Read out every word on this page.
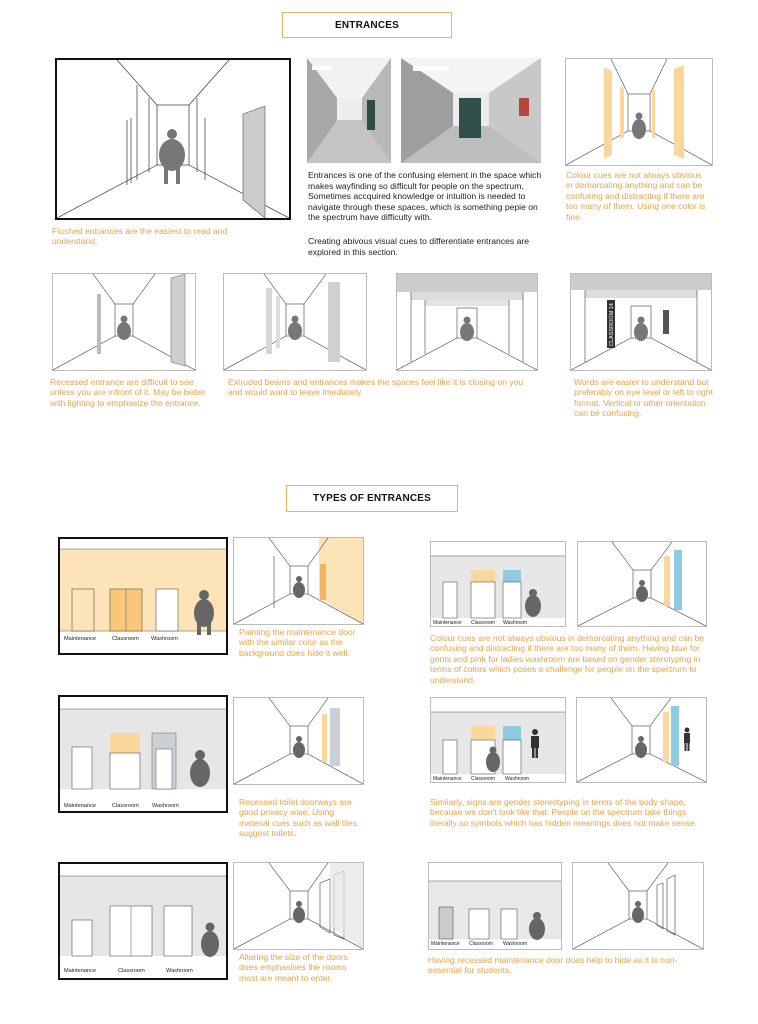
ENTRANCES
Flushed entrances are the easiest to read and understand.
Entrances is one of the confusing element in the space which makes wayfinding so difficult for people on the spectrum. Sometimes accquired knowledge or intuition is needed to navigate through these spaces, which is something pepie on the spectrum have difficulty with.
Creating abivous visual cues to differentiate entrances are explored in this section.
Colour cues are not always obvious in demarcating anything and can be confusing and distracting if there are too many of them. Using one color is fine.
CLASSROOM 14
Recessed entrance are difficult to see unless you are infront of it. May be better with lighting to emphasize the entrance.
Extruded beams and entrances makes the spaces feel like it is closing on you and would want to leave imediately.
Words are easier to understand but preferably on eye level or left to right format. Vertical or other orientation can be confusing.
TYPES OF ENTRANCES
Maintenance	Classroom Washroom
Painting the maintenance door with the similar color as the background does hide it well.
Maintenance Classroom Washroom
Colour cues are not always obvious in demarcating anything and can be confusing and distracting if there are too many of them. Having blue for gents and pink for ladies washroom are based on gender sterotyping in terms of colors which poses a challenge for people on the spectrum to understand.
Maintenance	Classroom Washroom	Recessed toilet doorways are good privacy wise. Using material cues such as wall tiles suggest toilets.
Maintenance Classroom Washroom
Similarly, signs are gender stereotyping in terms of the body shape, because we don't look like that. People on the spectrum take things literally so symbols which has hidden meanings does not make sense.
Maintenance	Classroom	Washroom
Altering the size of the doors does emphasises the rooms most are meant to enter.
Maintenance Classroom Washroom
Having recessed maintenance door does help to hide as it is non-essential for students.
